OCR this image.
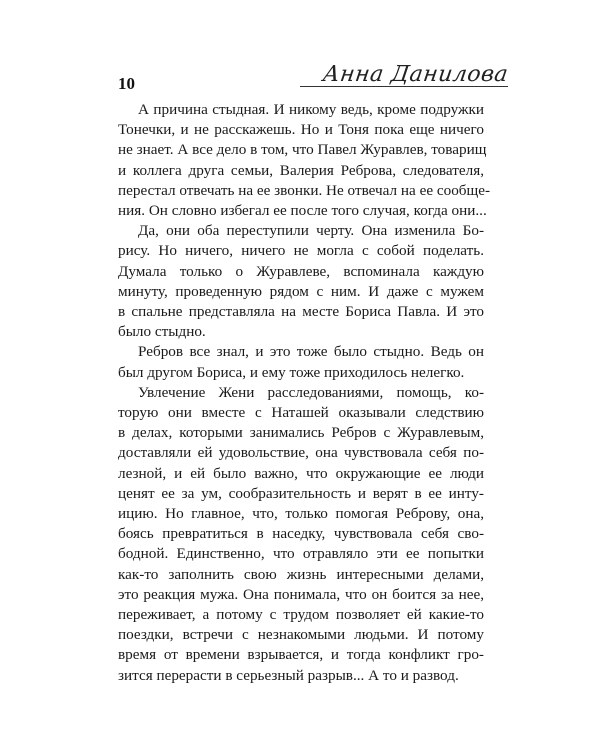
10	Анна Данилова

А причина стыдная. И никому ведь, кроме подружки
Тонечки, и не расскажешь. Но и Тоня пока еще ничего
не знает. А все дело в том, что Павел Журавлев, товарищ
и коллега друга семьи, Валерия Реброва, следователя,
перестал отвечать на ее звонки. Не отвечал на ее сообще-
ния. Он словно избегал ее после того случая, когда они...

Да, они оба переступили черту. Она изменила Бо-
рису. Но ничего, ничего не могла с собой поделать.
Думала только о Журавлеве, вспоминала каждую
минуту, проведенную рядом с ним. И даже с мужем
в спальне представляла на месте Бориса Павла. И это
было стыдно.

Ребров все знал, и это тоже было стыдно. Ведь он
был другом Бориса, и ему тоже приходилось нелегко.

Увлечение Жени расследованиями, помощь, ко-
торую они вместе с Наташей оказывали следствию
в делах, которыми занимались Ребров с Журавлевым,
доставляли ей удовольствие, она чувствовала себя по-
лезной, и ей было важно, что окружающие ее люди
ценят ее за ум, сообразительность и верят в ее инту-
ицию. Но главное, что, только помогая Реброву, она,
боясь превратиться в наседку, чувствовала себя сво-
бодной. Единственно, что отравляло эти ее попытки
как-то заполнить свою жизнь интересными делами,
это реакция мужа. Она понимала, что он боится за нее,
переживает, а потому с трудом позволяет ей какие-то
поездки, встречи с незнакомыми людьми. И потому
время от времени взрывается, и тогда конфликт гро-
зится перерасти в серьезный разрыв... А то и развод.
